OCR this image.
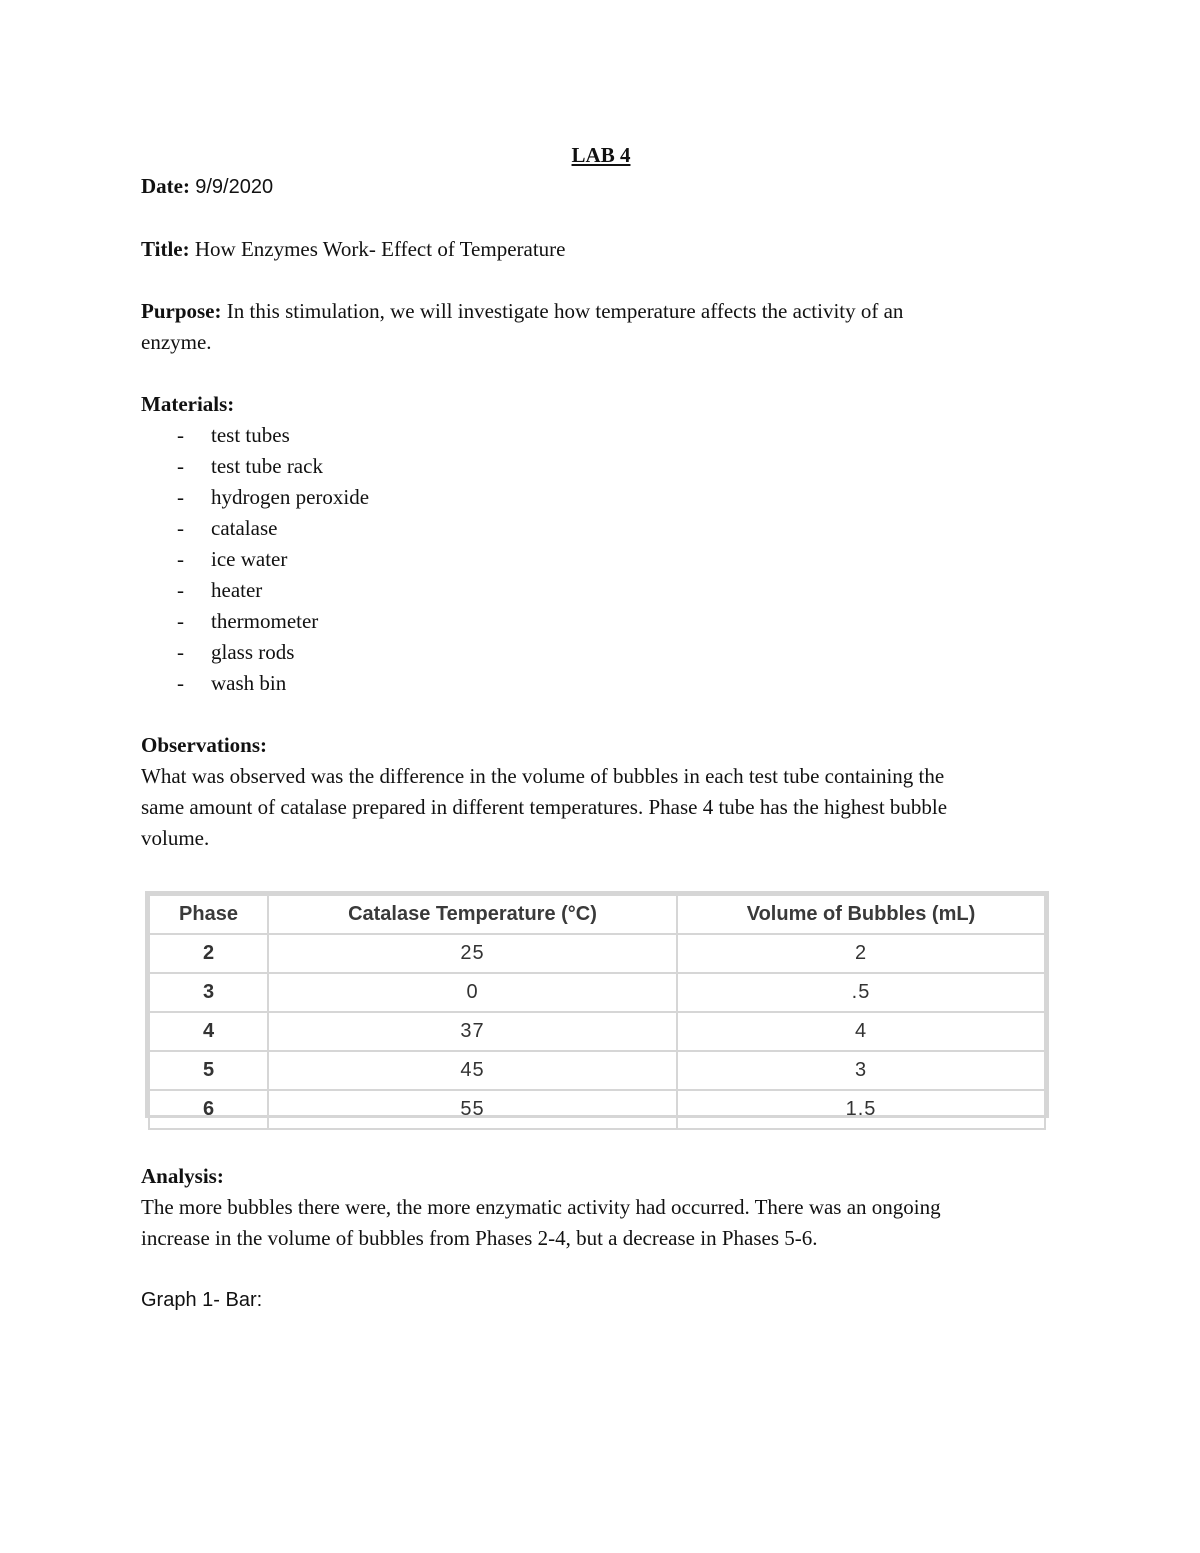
LAB 4

Date: 9/9/2020

Title: How Enzymes Work- Effect of Temperature

Purpose: In this stimulation, we will investigate how temperature affects the activity of an

enzyme.

Materials:

- test tubes
- test tube rack
- hydrogen peroxide
- catalase
- ice water
- heater
- thermometer
- glass rods
- wash bin

Observations:

What was observed was the difference in the volume of bubbles in each test tube containing the

same amount of catalase prepared in different temperatures. Phase 4 tube has the highest bubble

volume.

Phase	Catalase Temperature (°C)	Volume of Bubbles (mL)
2	25	2
3	0	.5
4	37	4
5	45	3
6	55	1.5

Analysis:

The more bubbles there were, the more enzymatic activity had occurred. There was an ongoing

increase in the volume of bubbles from Phases 2-4, but a decrease in Phases 5-6.

Graph 1- Bar:
